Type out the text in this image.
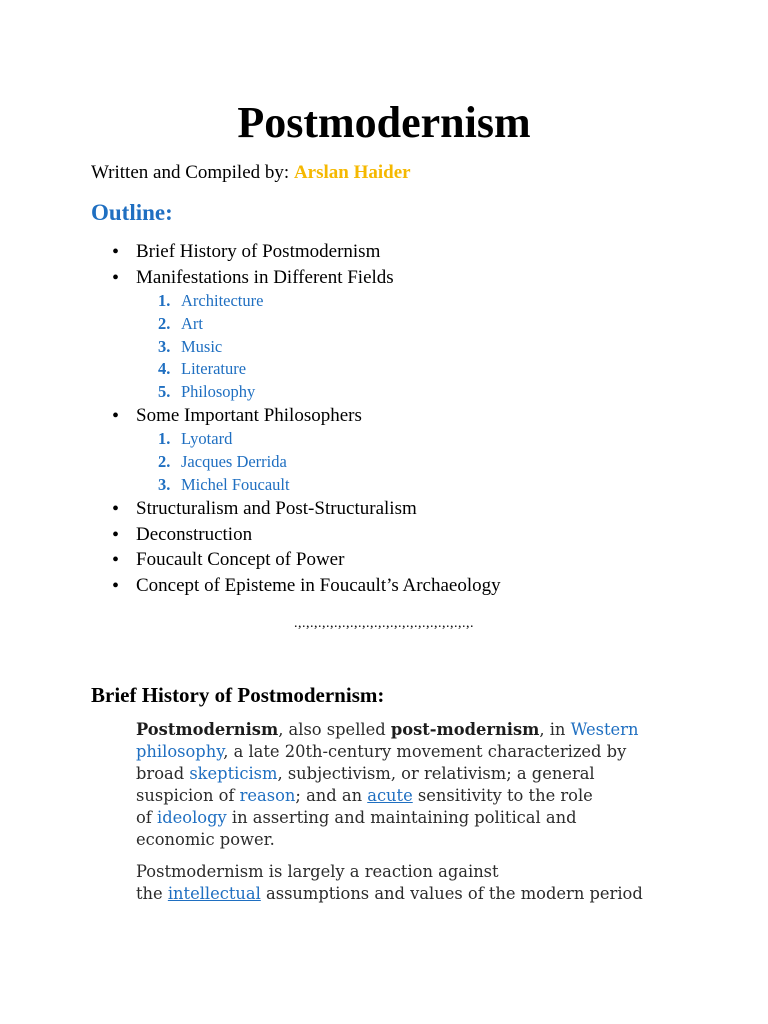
Postmodernism
Written and Compiled by: Arslan Haider
Outline:
• Brief History of Postmodernism
• Manifestations in Different Fields
1. Architecture
2. Art
3. Music
4. Literature
5. Philosophy
• Some Important Philosophers
1. Lyotard
2. Jacques Derrida
3. Michel Foucault
• Structuralism and Post-Structuralism
• Deconstruction
• Foucault Concept of Power
• Concept of Episteme in Foucault’s Archaeology
.,.,.,.,.,.,.,.,.,.,.,.,.,.,.,.,.,.,.,.,.,.,.
Brief History of Postmodernism:

Postmodernism, also spelled post-modernism, in Western
philosophy, a late 20th-century movement characterized by
broad skepticism, subjectivism, or relativism; a general
suspicion of reason; and an acute sensitivity to the role
of ideology in asserting and maintaining political and
economic power.

Postmodernism is largely a reaction against
the intellectual assumptions and values of the modern period
